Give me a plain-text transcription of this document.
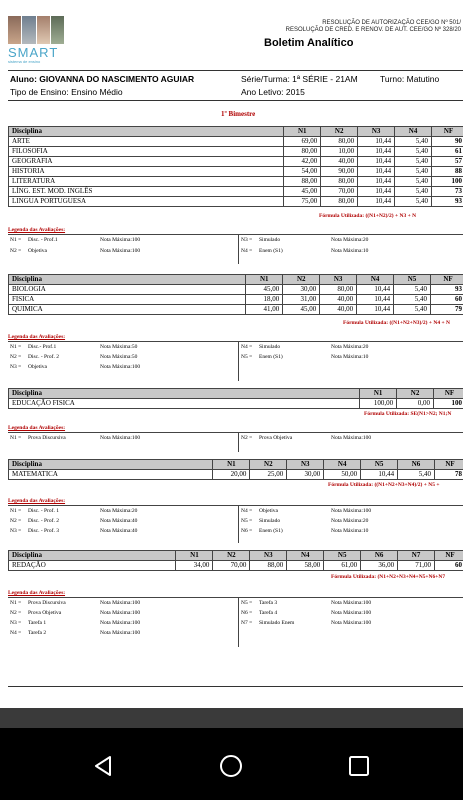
SMART
sistema de ensino
RESOLUÇÃO DE AUTORIZAÇÃO CEE/GO Nº 501/
RESOLUÇÃO DE CRED. E RENOV. DE AUT. CEE/GO Nº 328/20
Boletim Analítico
Aluno: GIOVANNA DO NASCIMENTO AGUIAR	Série/Turma: 1ª SÉRIE - 21AM	Turno: Matutino
Tipo de Ensino: Ensino Médio	Ano Letivo: 2015
1º Bimestre
Disciplina	N1	N2	N3	N4	NF
ARTE	69,00	80,00	10,44	5,40	90
FILOSOFIA	80,00	10,00	10,44	5,40	61
GEOGRAFIA	42,00	40,00	10,44	5,40	57
HISTORIA	54,00	90,00	10,44	5,40	88
LITERATURA	88,00	80,00	10,44	5,40	100
LÍNG. EST. MOD. INGLÊS	45,00	70,00	10,44	5,40	73
LINGUA PORTUGUESA	75,00	80,00	10,44	5,40	93
Fórmula Utilizada: ((N1+N2)/2) + N3 + N
Legenda das Avaliações:
N1 = Disc. - Prof.1	Nota Máxima:100	N3 = Simulado	Nota Máxima:20
N2 = Objetiva	Nota Máxima:100	N4 = Enem (S1)	Nota Máxima:10
Disciplina	N1	N2	N3	N4	N5	NF
BIOLOGIA	45,00	30,00	80,00	10,44	5,40	93
FISICA	18,00	31,00	40,00	10,44	5,40	60
QUIMICA	41,00	45,00	40,00	10,44	5,40	79
Fórmula Utilizada: ((N1+N2+N3)/2) + N4 + N
Legenda das Avaliações:
N1 = Disc.- Prof.1	Nota Máxima:50	N4 = Simulado	Nota Máxima:20
N2 = Disc. - Prof. 2	Nota Máxima:50	N5 = Enem (S1)	Nota Máxima:10
N3 = Objetiva	Nota Máxima:100
Disciplina	N1	N2	NF
EDUCAÇÃO FISICA	100,00	0,00	100
Fórmula Utilizada: SE(N1>N2; N1;N
Legenda das Avaliações:
N1 = Prova Discursiva	Nota Máxima:100	N2 = Prova Objetiva	Nota Máxima:100
Disciplina	N1	N2	N3	N4	N5	N6	NF
MATEMATICA	20,00	25,00	30,00	50,00	10,44	5,40	78
Fórmula Utilizada: ((N1+N2+N3+N4)/2) + N5 +
Legenda das Avaliações:
N1 = Disc. - Prof. 1	Nota Máxima:20	N4 = Objetiva	Nota Máxima:100
N2 = Disc. - Prof. 2	Nota Máxima:40	N5 = Simulado	Nota Máxima:20
N3 = Disc. - Prof. 3	Nota Máxima:40	N6 = Enem (S1)	Nota Máxima:10
Disciplina	N1	N2	N3	N4	N5	N6	N7	NF
REDAÇÃO	34,00	70,00	88,00	58,00	61,00	36,00	71,00	60
Fórmula Utilizada: (N1+N2+N3+N4+N5+N6+N7
Legenda das Avaliações:
N1 = Prova Discursiva	Nota Máxima:100	N5 = Tarefa 3	Nota Máxima:100
N2 = Prova Objetiva	Nota Máxima:100	N6 = Tarefa 4	Nota Máxima:100
N3 = Tarefa 1	Nota Máxima:100	N7 = Simulado Enem	Nota Máxima:100
N4 = Tarefa 2	Nota Máxima:100
